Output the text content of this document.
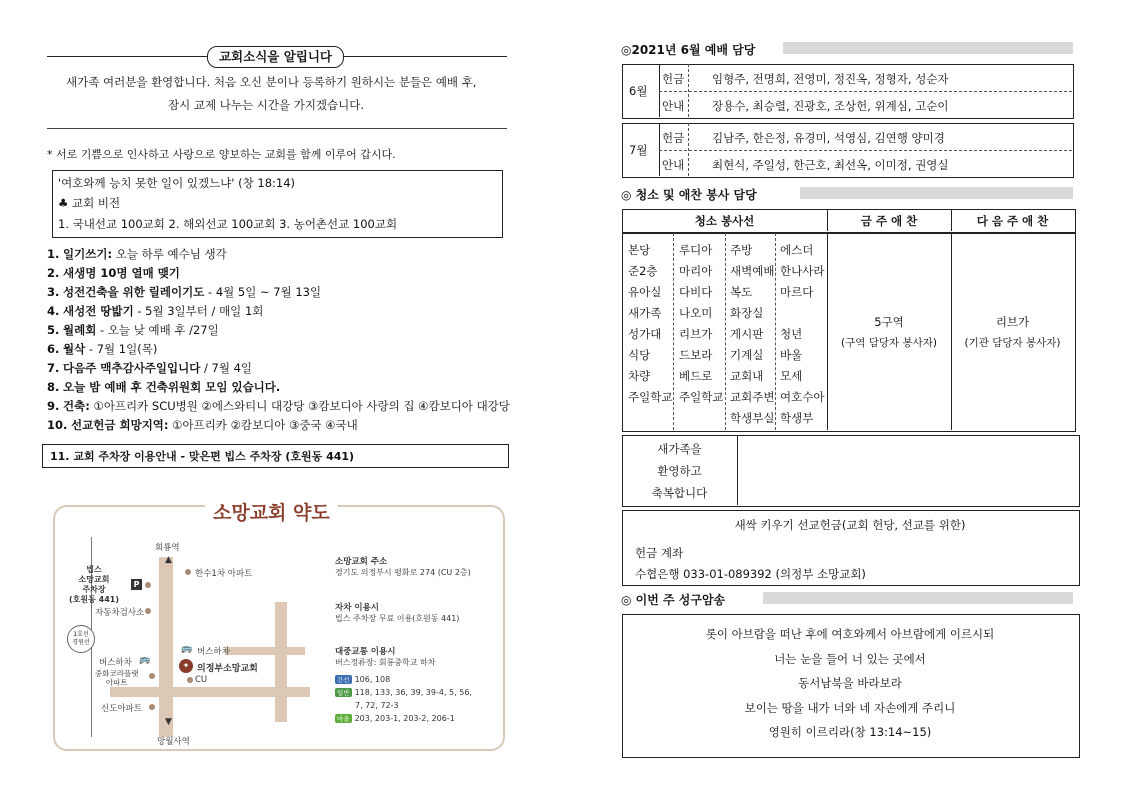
교회소식을 알립니다
새가족 여러분을 환영합니다. 처음 오신 분이나 등록하기 원하시는 분들은 예배 후,
잠시 교제 나누는 시간을 가지겠습니다.
* 서로 기쁨으로 인사하고 사랑으로 양보하는 교회를 함께 이루어 갑시다.
'여호와께 능치 못한 일이 있겠느냐' (창 18:14)
♣ 교회 비전
1. 국내선교 100교회 2. 해외선교 100교회 3. 농어촌선교 100교회
1. 일기쓰기: 오늘 하루 예수님 생각
2. 새생명 10명 열매 맺기
3. 성전건축을 위한 릴레이기도 - 4월 5일 ~ 7월 13일
4. 새성전 땅밟기 - 5월 3일부터 / 매일 1회
5. 월례회 - 오늘 낮 예배 후 /27일
6. 월삭 - 7월 1일(목)
7. 다음주 맥추감사주일입니다 / 7월 4일
8. 오늘 밤 예배 후 건축위원회 모임 있습니다.
9. 건축: ①아프리카 SCU병원 ②에스와티니 대강당 ③캄보디아 사랑의 집 ④캄보디아 대강당
10. 선교헌금 희망지역: ①아프리카 ②캄보디아 ③중국 ④국내
11. 교회 주차장 이용안내 - 맞은편 빕스 주차장 (호원동 441)
1호선
경원선
회룡역
▲
▼
망월사역
한수1차 아파트
빕스
소망교회
주차장
(호원동 441)
P
자동차검사소
🚌 버스하차
🚌
버스하차
중화코라플랫
아파트
신도아파트
✦ 의정부소망교회
CU
소망교회 주소
경기도 의정부시 평화로 274 (CU 2층)
자차 이용시
빕스 주차장 무료 이용(호원동 441)
대중교통 이용시
버스정류장: 회룡중학교 하차
간선 106, 108
일반 118, 133, 36, 39, 39-4, 5, 56,
7, 72, 72-3
마을 203, 203-1, 203-2, 206-1
소망교회 약도
◎2021년 6월 예배 담당
6월
헌금 임형주, 전명희, 전영미, 정진옥, 정형자, 성순자
안내 장용수, 최승렬, 진광호, 조상헌, 위계심, 고순이
7월
헌금 김남주, 한은정, 유경미, 석영심, 김연행 양미경
안내 최현식, 주일성, 한근호, 최선옥, 이미정, 권영실
◎ 청소 및 애찬 봉사 담당
청소 봉사선	금 주 애 찬	다 음 주 애 찬
본당
준2층
유아실
새가족
성가대
식당
차량
주일학교
루디아
마리아
다비다
나오미
리브가
드보라
베드로
주일학교
주방
새벽예배
복도
화장실
게시판
기계실
교회내
교회주변
학생부실
에스더
한나사라
마르다
청년
바울
모세
여호수아
학생부
5구역
(구역 담당자 봉사자)
리브가
(기관 담당자 봉사자)
새가족을
환영하고
축복합니다
새싹 키우기 선교헌금(교회 헌당, 선교를 위한)
헌금 계좌
수협은행 033-01-089392 (의정부 소망교회)
◎ 이번 주 성구암송
롯이 아브람을 떠난 후에 여호와께서 아브람에게 이르시되
너는 눈을 들어 너 있는 곳에서
동서남북을 바라보라
보이는 땅을 내가 너와 네 자손에게 주리니
영원히 이르리라(창 13:14~15)
